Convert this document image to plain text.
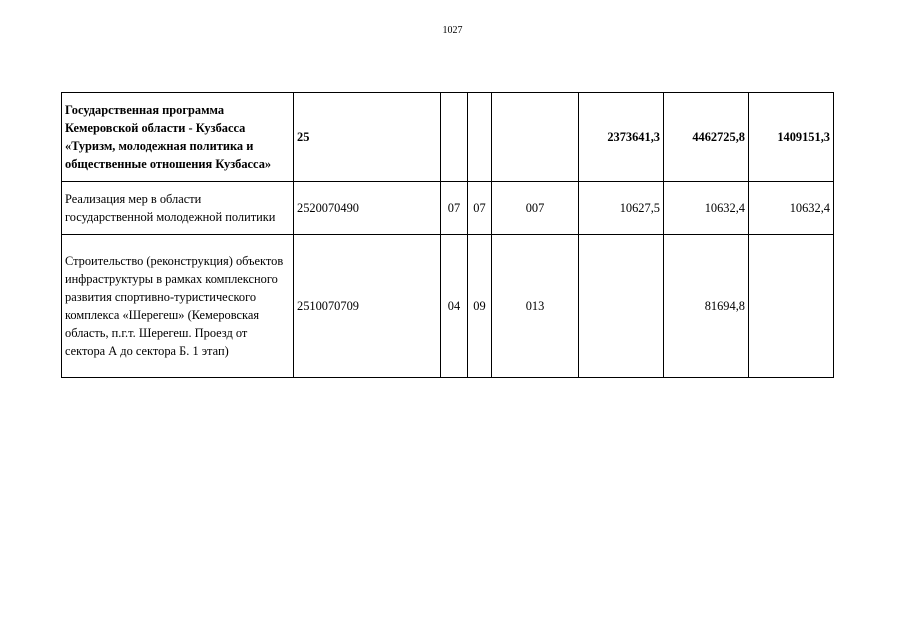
1027
Государственная программа Кемеровской области - Кузбасса «Туризм, молодежная политика и общественные отношения Кузбасса»	25				2373641,3	4462725,8	1409151,3
Реализация мер в области государственной молодежной политики	2520070490	07	07	007	10627,5	10632,4	10632,4
Строительство (реконструкция) объектов инфраструктуры в рамках комплексного развития спортивно-туристического комплекса «Шерегеш» (Кемеровская область, п.г.т. Шерегеш. Проезд от сектора А до сектора Б. 1 этап)	2510070709	04	09	013		81694,8	
